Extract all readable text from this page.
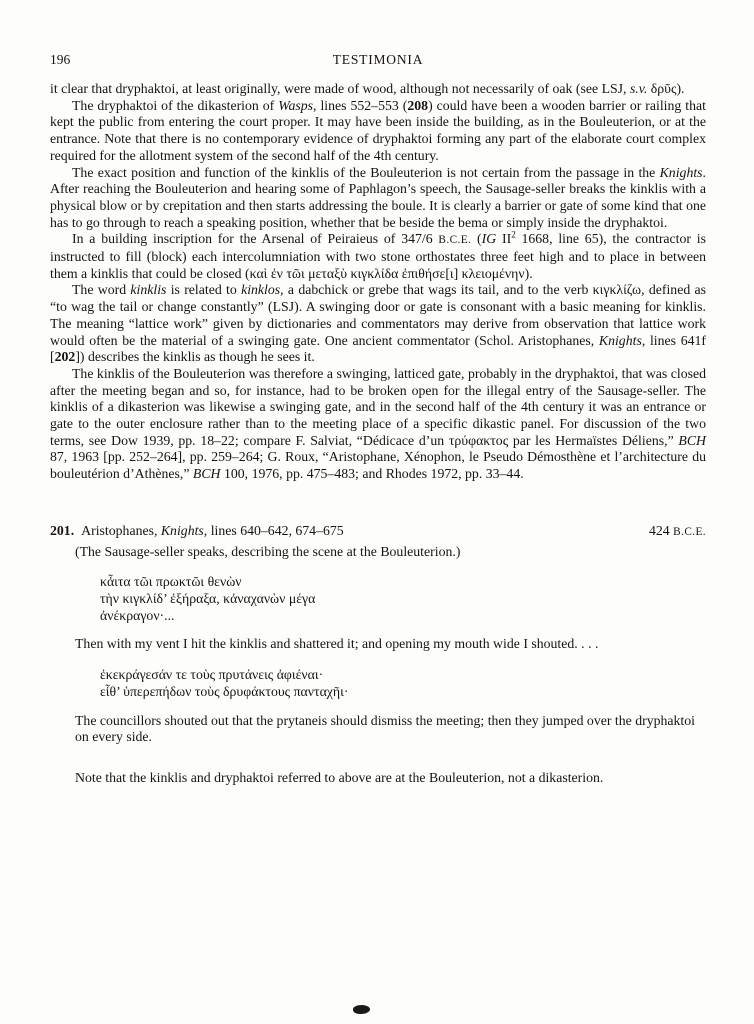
196	TESTIMONIA

it clear that dryphaktoi, at least originally, were made of wood, although not necessarily of oak (see LSJ, s.v. δρῦς).

The dryphaktoi of the dikasterion of Wasps, lines 552–553 (208) could have been a wooden barrier or railing that kept the public from entering the court proper. It may have been inside the building, as in the Bouleuterion, or at the entrance. Note that there is no contemporary evidence of dryphaktoi forming any part of the elaborate court complex required for the allotment system of the second half of the 4th century.

The exact position and function of the kinklis of the Bouleuterion is not certain from the passage in the Knights. After reaching the Bouleuterion and hearing some of Paphlagon’s speech, the Sausage-seller breaks the kinklis with a physical blow or by crepitation and then starts addressing the boule. It is clearly a barrier or gate of some kind that one has to go through to reach a speaking position, whether that be beside the bema or simply inside the dryphaktoi.

In a building inscription for the Arsenal of Peiraieus of 347/6 B.C.E. (IG $II^2$ 1668, line 65), the contractor is instructed to fill (block) each intercolumniation with two stone orthostates three feet high and to place in between them a kinklis that could be closed (καὶ ἐν τῶι μεταξὺ κιγκλίδα ἐπιθήσε[ι] κλειομένην).

The word kinklis is related to kinklos, a dabchick or grebe that wags its tail, and to the verb κιγκλίζω, defined as “to wag the tail or change constantly” (LSJ). A swinging door or gate is consonant with a basic meaning for kinklis. The meaning “lattice work” given by dictionaries and commentators may derive from observation that lattice work would often be the material of a swinging gate. One ancient commentator (Schol. Aristophanes, Knights, lines 641f [202]) describes the kinklis as though he sees it.

The kinklis of the Bouleuterion was therefore a swinging, latticed gate, probably in the dryphaktoi, that was closed after the meeting began and so, for instance, had to be broken open for the illegal entry of the Sausage-seller. The kinklis of a dikasterion was likewise a swinging gate, and in the second half of the 4th century it was an entrance or gate to the outer enclosure rather than to the meeting place of a specific dikastic panel. For discussion of the two terms, see Dow 1939, pp. 18–22; compare F. Salviat, “Dédicace d’un τρύφακτος par les Hermaïstes Déliens,” BCH 87, 1963 [pp. 252–264], pp. 259–264; G. Roux, “Aristophane, Xénophon, le Pseudo Démosthène et l’architecture du bouleutérion d’Athènes,” BCH 100, 1976, pp. 475–483; and Rhodes 1972, pp. 33–44.

201. Aristophanes, Knights, lines 640–642, 674–675	424 B.C.E.
(The Sausage-seller speaks, describing the scene at the Bouleuterion.)
κἆιτα τῶι πρωκτῶι θενὼν
τὴν κιγκλίδ’ ἐξήραξα, κἀναχανὼν μέγα
ἀνέκραγον·...
Then with my vent I hit the kinklis and shattered it; and opening my mouth wide I shouted. . . .
ἐκεκράγεσάν τε τοὺς πρυτάνεις ἀφιέναι·
εἶθ’ ὑπερεπήδων τοὺς δρυφάκτους πανταχῆι·
The councillors shouted out that the prytaneis should dismiss the meeting; then they jumped over the dryphaktoi on every side.
Note that the kinklis and dryphaktoi referred to above are at the Bouleuterion, not a dikasterion.
